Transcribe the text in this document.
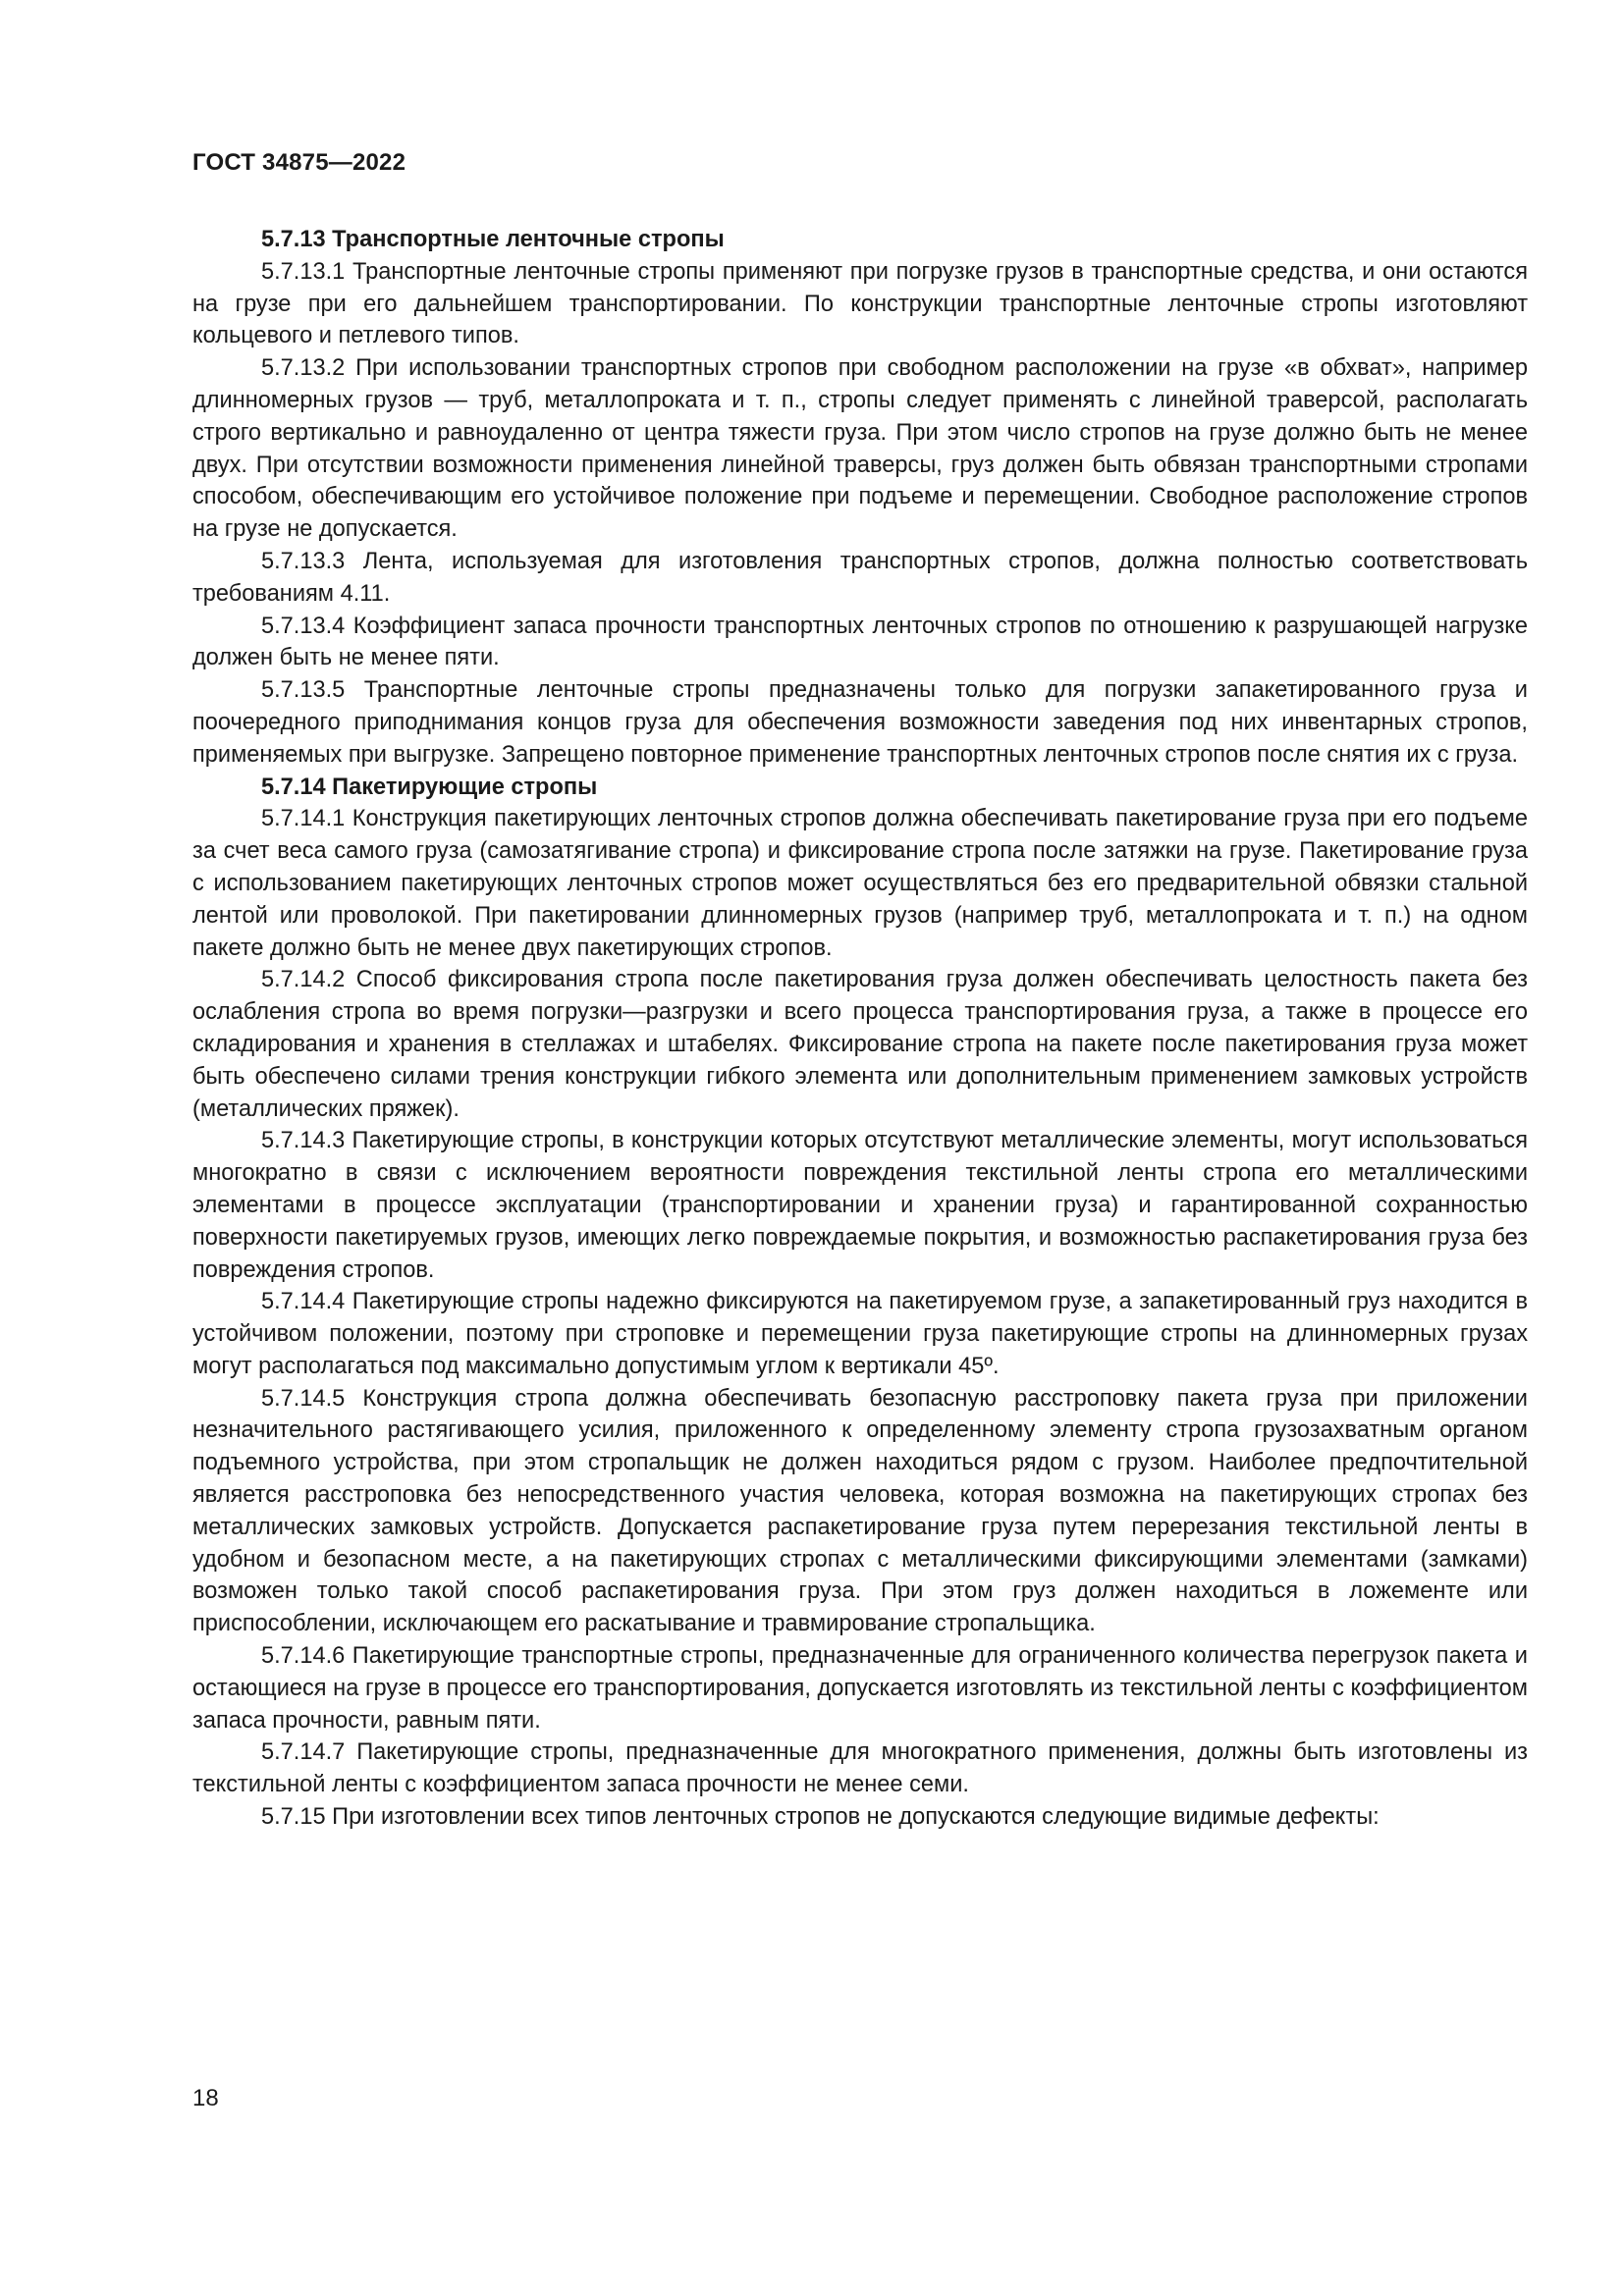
ГОСТ 34875—2022

5.7.13 Транспортные ленточные стропы

5.7.13.1 Транспортные ленточные стропы применяют при погрузке грузов в транспортные средства, и они остаются на грузе при его дальнейшем транспортировании. По конструкции транспортные ленточные стропы изготовляют кольцевого и петлевого типов.

5.7.13.2 При использовании транспортных стропов при свободном расположении на грузе «в обхват», например длинномерных грузов — труб, металлопроката и т. п., стропы следует применять с линейной траверсой, располагать строго вертикально и равноудаленно от центра тяжести груза. При этом число стропов на грузе должно быть не менее двух. При отсутствии возможности применения линейной траверсы, груз должен быть обвязан транспортными стропами способом, обеспечивающим его устойчивое положение при подъеме и перемещении. Свободное расположение стропов на грузе не допускается.

5.7.13.3 Лента, используемая для изготовления транспортных стропов, должна полностью соответствовать требованиям 4.11.

5.7.13.4 Коэффициент запаса прочности транспортных ленточных стропов по отношению к разрушающей нагрузке должен быть не менее пяти.

5.7.13.5 Транспортные ленточные стропы предназначены только для погрузки запакетированного груза и поочередного приподнимания концов груза для обеспечения возможности заведения под них инвентарных стропов, применяемых при выгрузке. Запрещено повторное применение транспортных ленточных стропов после снятия их с груза.

5.7.14 Пакетирующие стропы

5.7.14.1 Конструкция пакетирующих ленточных стропов должна обеспечивать пакетирование груза при его подъеме за счет веса самого груза (самозатягивание стропа) и фиксирование стропа после затяжки на грузе. Пакетирование груза с использованием пакетирующих ленточных стропов может осуществляться без его предварительной обвязки стальной лентой или проволокой. При пакетировании длинномерных грузов (например труб, металлопроката и т. п.) на одном пакете должно быть не менее двух пакетирующих стропов.

5.7.14.2 Способ фиксирования стропа после пакетирования груза должен обеспечивать целостность пакета без ослабления стропа во время погрузки—разгрузки и всего процесса транспортирования груза, а также в процессе его складирования и хранения в стеллажах и штабелях. Фиксирование стропа на пакете после пакетирования груза может быть обеспечено силами трения конструкции гибкого элемента или дополнительным применением замковых устройств (металлических пряжек).

5.7.14.3 Пакетирующие стропы, в конструкции которых отсутствуют металлические элементы, могут использоваться многократно в связи с исключением вероятности повреждения текстильной ленты стропа его металлическими элементами в процессе эксплуатации (транспортировании и хранении груза) и гарантированной сохранностью поверхности пакетируемых грузов, имеющих легко повреждаемые покрытия, и возможностью распакетирования груза без повреждения стропов.

5.7.14.4 Пакетирующие стропы надежно фиксируются на пакетируемом грузе, а запакетированный груз находится в устойчивом положении, поэтому при строповке и перемещении груза пакетирующие стропы на длинномерных грузах могут располагаться под максимально допустимым углом к вертикали 45º.

5.7.14.5 Конструкция стропа должна обеспечивать безопасную расстроповку пакета груза при приложении незначительного растягивающего усилия, приложенного к определенному элементу стропа грузозахватным органом подъемного устройства, при этом стропальщик не должен находиться рядом с грузом. Наиболее предпочтительной является расстроповка без непосредственного участия человека, которая возможна на пакетирующих стропах без металлических замковых устройств. Допускается распакетирование груза путем перерезания текстильной ленты в удобном и безопасном месте, а на пакетирующих стропах с металлическими фиксирующими элементами (замками) возможен только такой способ распакетирования груза. При этом груз должен находиться в ложементе или приспособлении, исключающем его раскатывание и травмирование стропальщика.

5.7.14.6 Пакетирующие транспортные стропы, предназначенные для ограниченного количества перегрузок пакета и остающиеся на грузе в процессе его транспортирования, допускается изготовлять из текстильной ленты с коэффициентом запаса прочности, равным пяти.

5.7.14.7 Пакетирующие стропы, предназначенные для многократного применения, должны быть изготовлены из текстильной ленты с коэффициентом запаса прочности не менее семи.

5.7.15 При изготовлении всех типов ленточных стропов не допускаются следующие видимые дефекты:

18
